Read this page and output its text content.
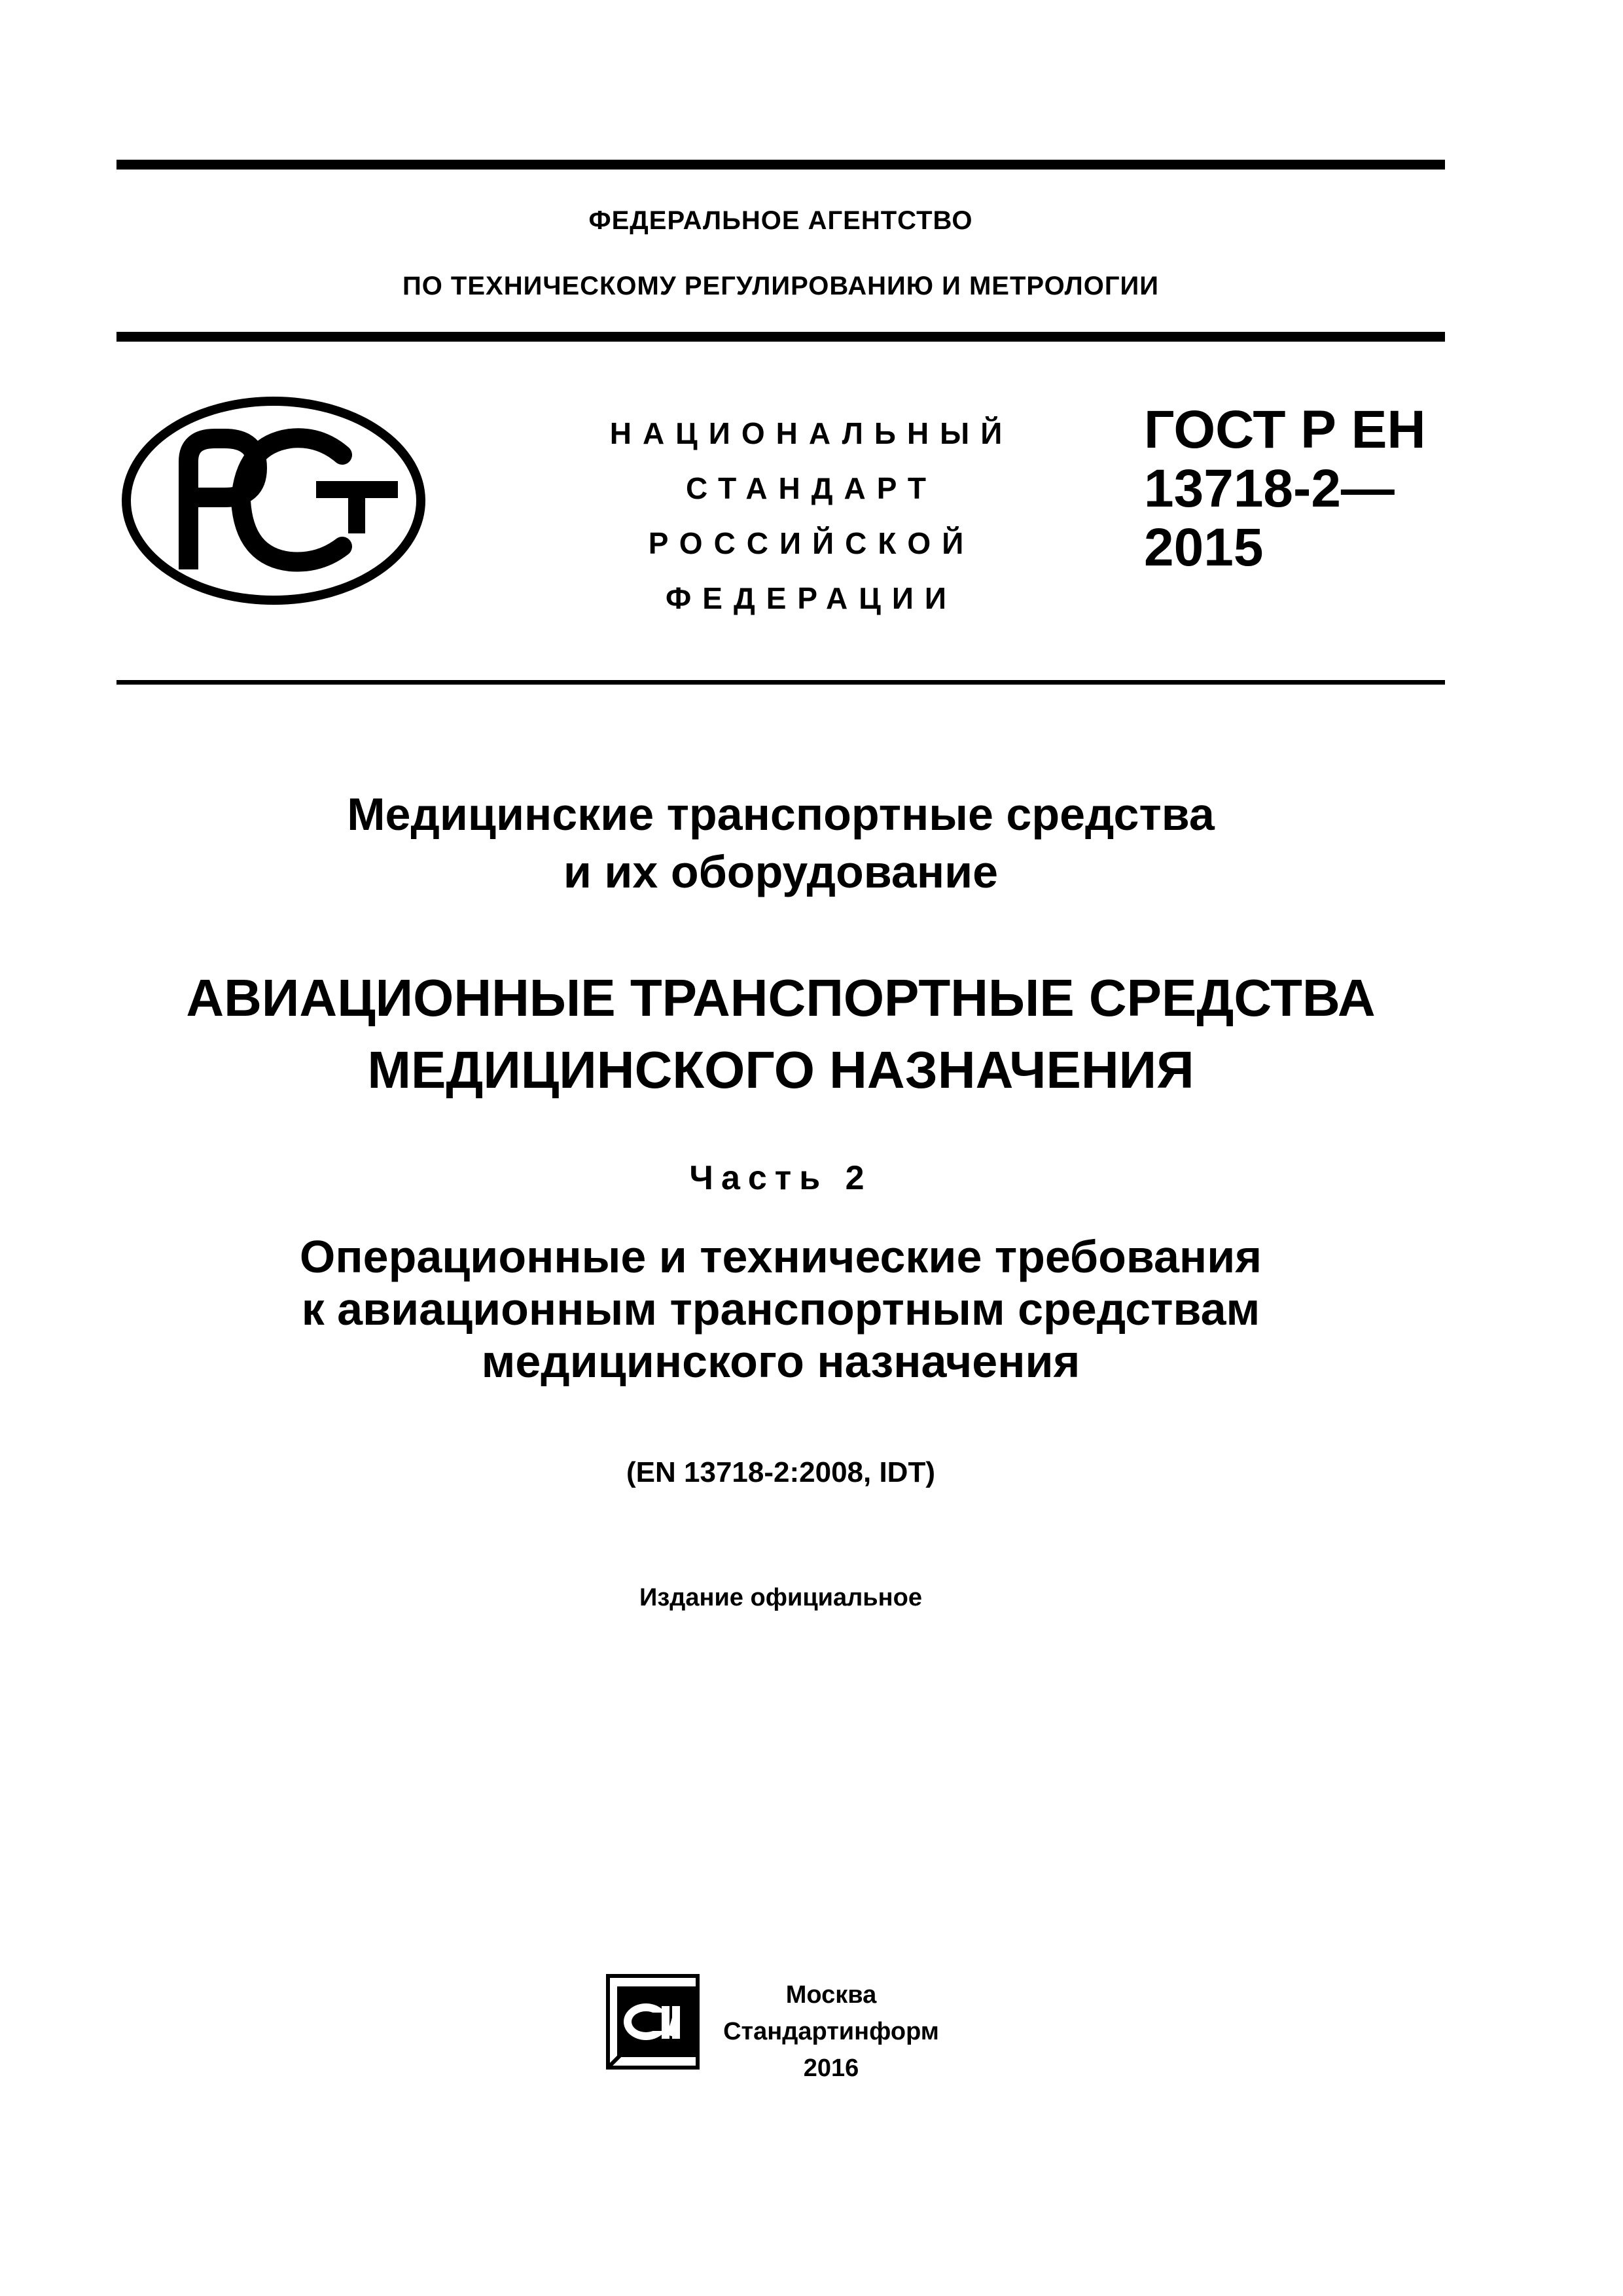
ФЕДЕРАЛЬНОЕ АГЕНТСТВО
ПО ТЕХНИЧЕСКОМУ РЕГУЛИРОВАНИЮ И МЕТРОЛОГИИ
НАЦИОНАЛЬНЫЙ
СТАНДАРТ
РОССИЙСКОЙ
ФЕДЕРАЦИИ
ГОСТ Р ЕН
13718-2—
2015
Медицинские транспортные средства
и их оборудование
АВИАЦИОННЫЕ ТРАНСПОРТНЫЕ СРЕДСТВА
МЕДИЦИНСКОГО НАЗНАЧЕНИЯ
Часть 2
Операционные и технические требования
к авиационным транспортным средствам
медицинского назначения
(EN 13718-2:2008, IDT)
Издание официальное
Москва
Стандартинформ
2016
